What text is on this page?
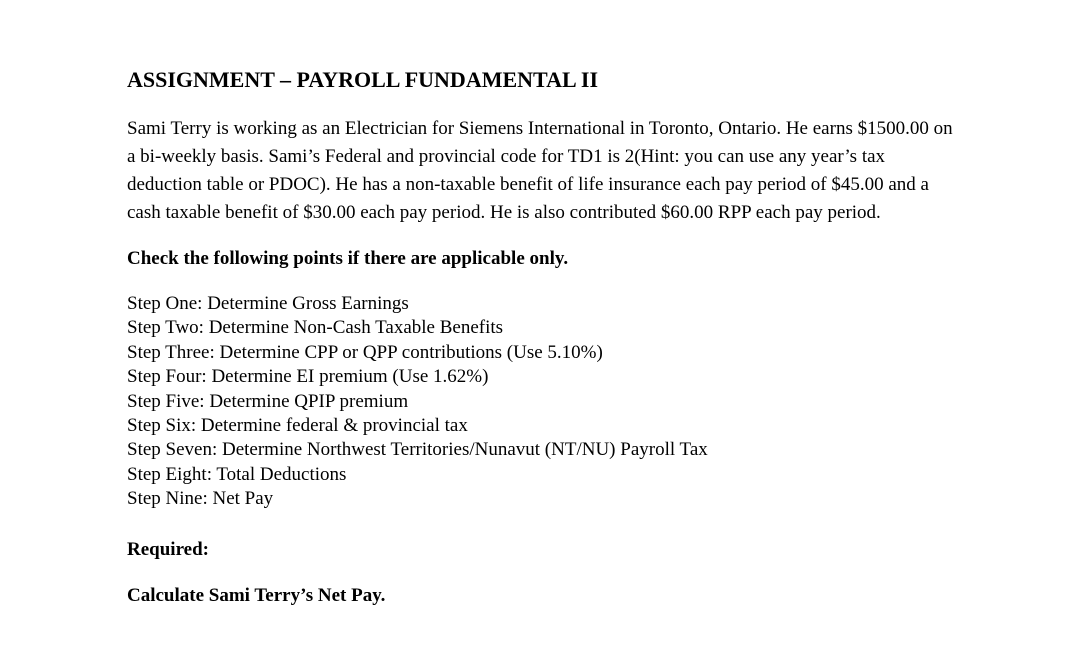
ASSIGNMENT – PAYROLL FUNDAMENTAL II

Sami Terry is working as an Electrician for Siemens International in Toronto, Ontario. He earns $1500.00 on a bi-weekly basis. Sami’s Federal and provincial code for TD1 is 2(Hint: you can use any year’s tax deduction table or PDOC). He has a non-taxable benefit of life insurance each pay period of $45.00 and a cash taxable benefit of $30.00 each pay period. He is also contributed $60.00 RPP each pay period.

Check the following points if there are applicable only.

Step One: Determine Gross Earnings
Step Two: Determine Non-Cash Taxable Benefits
Step Three: Determine CPP or QPP contributions (Use 5.10%)
Step Four: Determine EI premium (Use 1.62%)
Step Five: Determine QPIP premium
Step Six: Determine federal & provincial tax
Step Seven: Determine Northwest Territories/Nunavut (NT/NU) Payroll Tax
Step Eight: Total Deductions
Step Nine: Net Pay

Required:

Calculate Sami Terry’s Net Pay.
